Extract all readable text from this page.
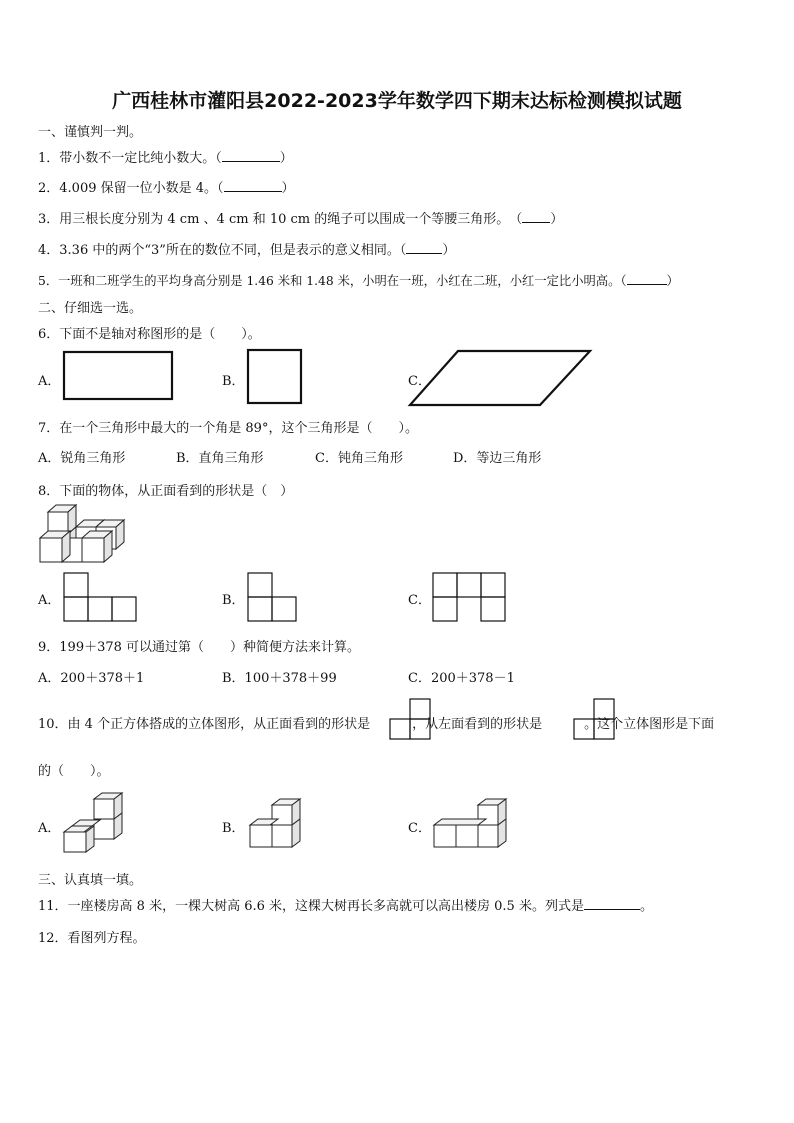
广西桂林市灌阳县2022-2023学年数学四下期末达标检测模拟试题
一、谨慎判一判。
1．带小数不一定比纯小数大。（	）
2．4.009 保留一位小数是 4。（	）
3．用三根长度分别为 4 cm 、4 cm 和 10 cm 的绳子可以围成一个等腰三角形。　（ ）
4．3.36 中的两个“3”所在的数位不同，但是表示的意义相同。（	）
5．一班和二班学生的平均身高分别是 1.46 米和 1.48 米，小明在一班，小红在二班，小红一定比小明高。（	）
二、仔细选一选。
6．下面不是轴对称图形的是（　　）。
A．	B．	C．
7．在一个三角形中最大的一个角是 89°，这个三角形是（　　）。
A．锐角三角形	B．直角三角形	C．钝角三角形	D．等边三角形
8．下面的物体，从正面看到的形状是（　）
A．	B．	C．
9．199＋378 可以通过第（　　）种简便方法来计算。
A．200＋378＋1	B．100＋378＋99	C．200＋378－1
10．由 4 个正方体搭成的立体图形，从正面看到的形状是	，从左面看到的形状是	。这个立体图形是下面
的（　　）。
A．	B．	C．
三、认真填一填。
11．一座楼房高 8 米，一棵大树高 6.6 米，这棵大树再长多高就可以高出楼房 0.5 米。列式是	。
12．看图列方程。
